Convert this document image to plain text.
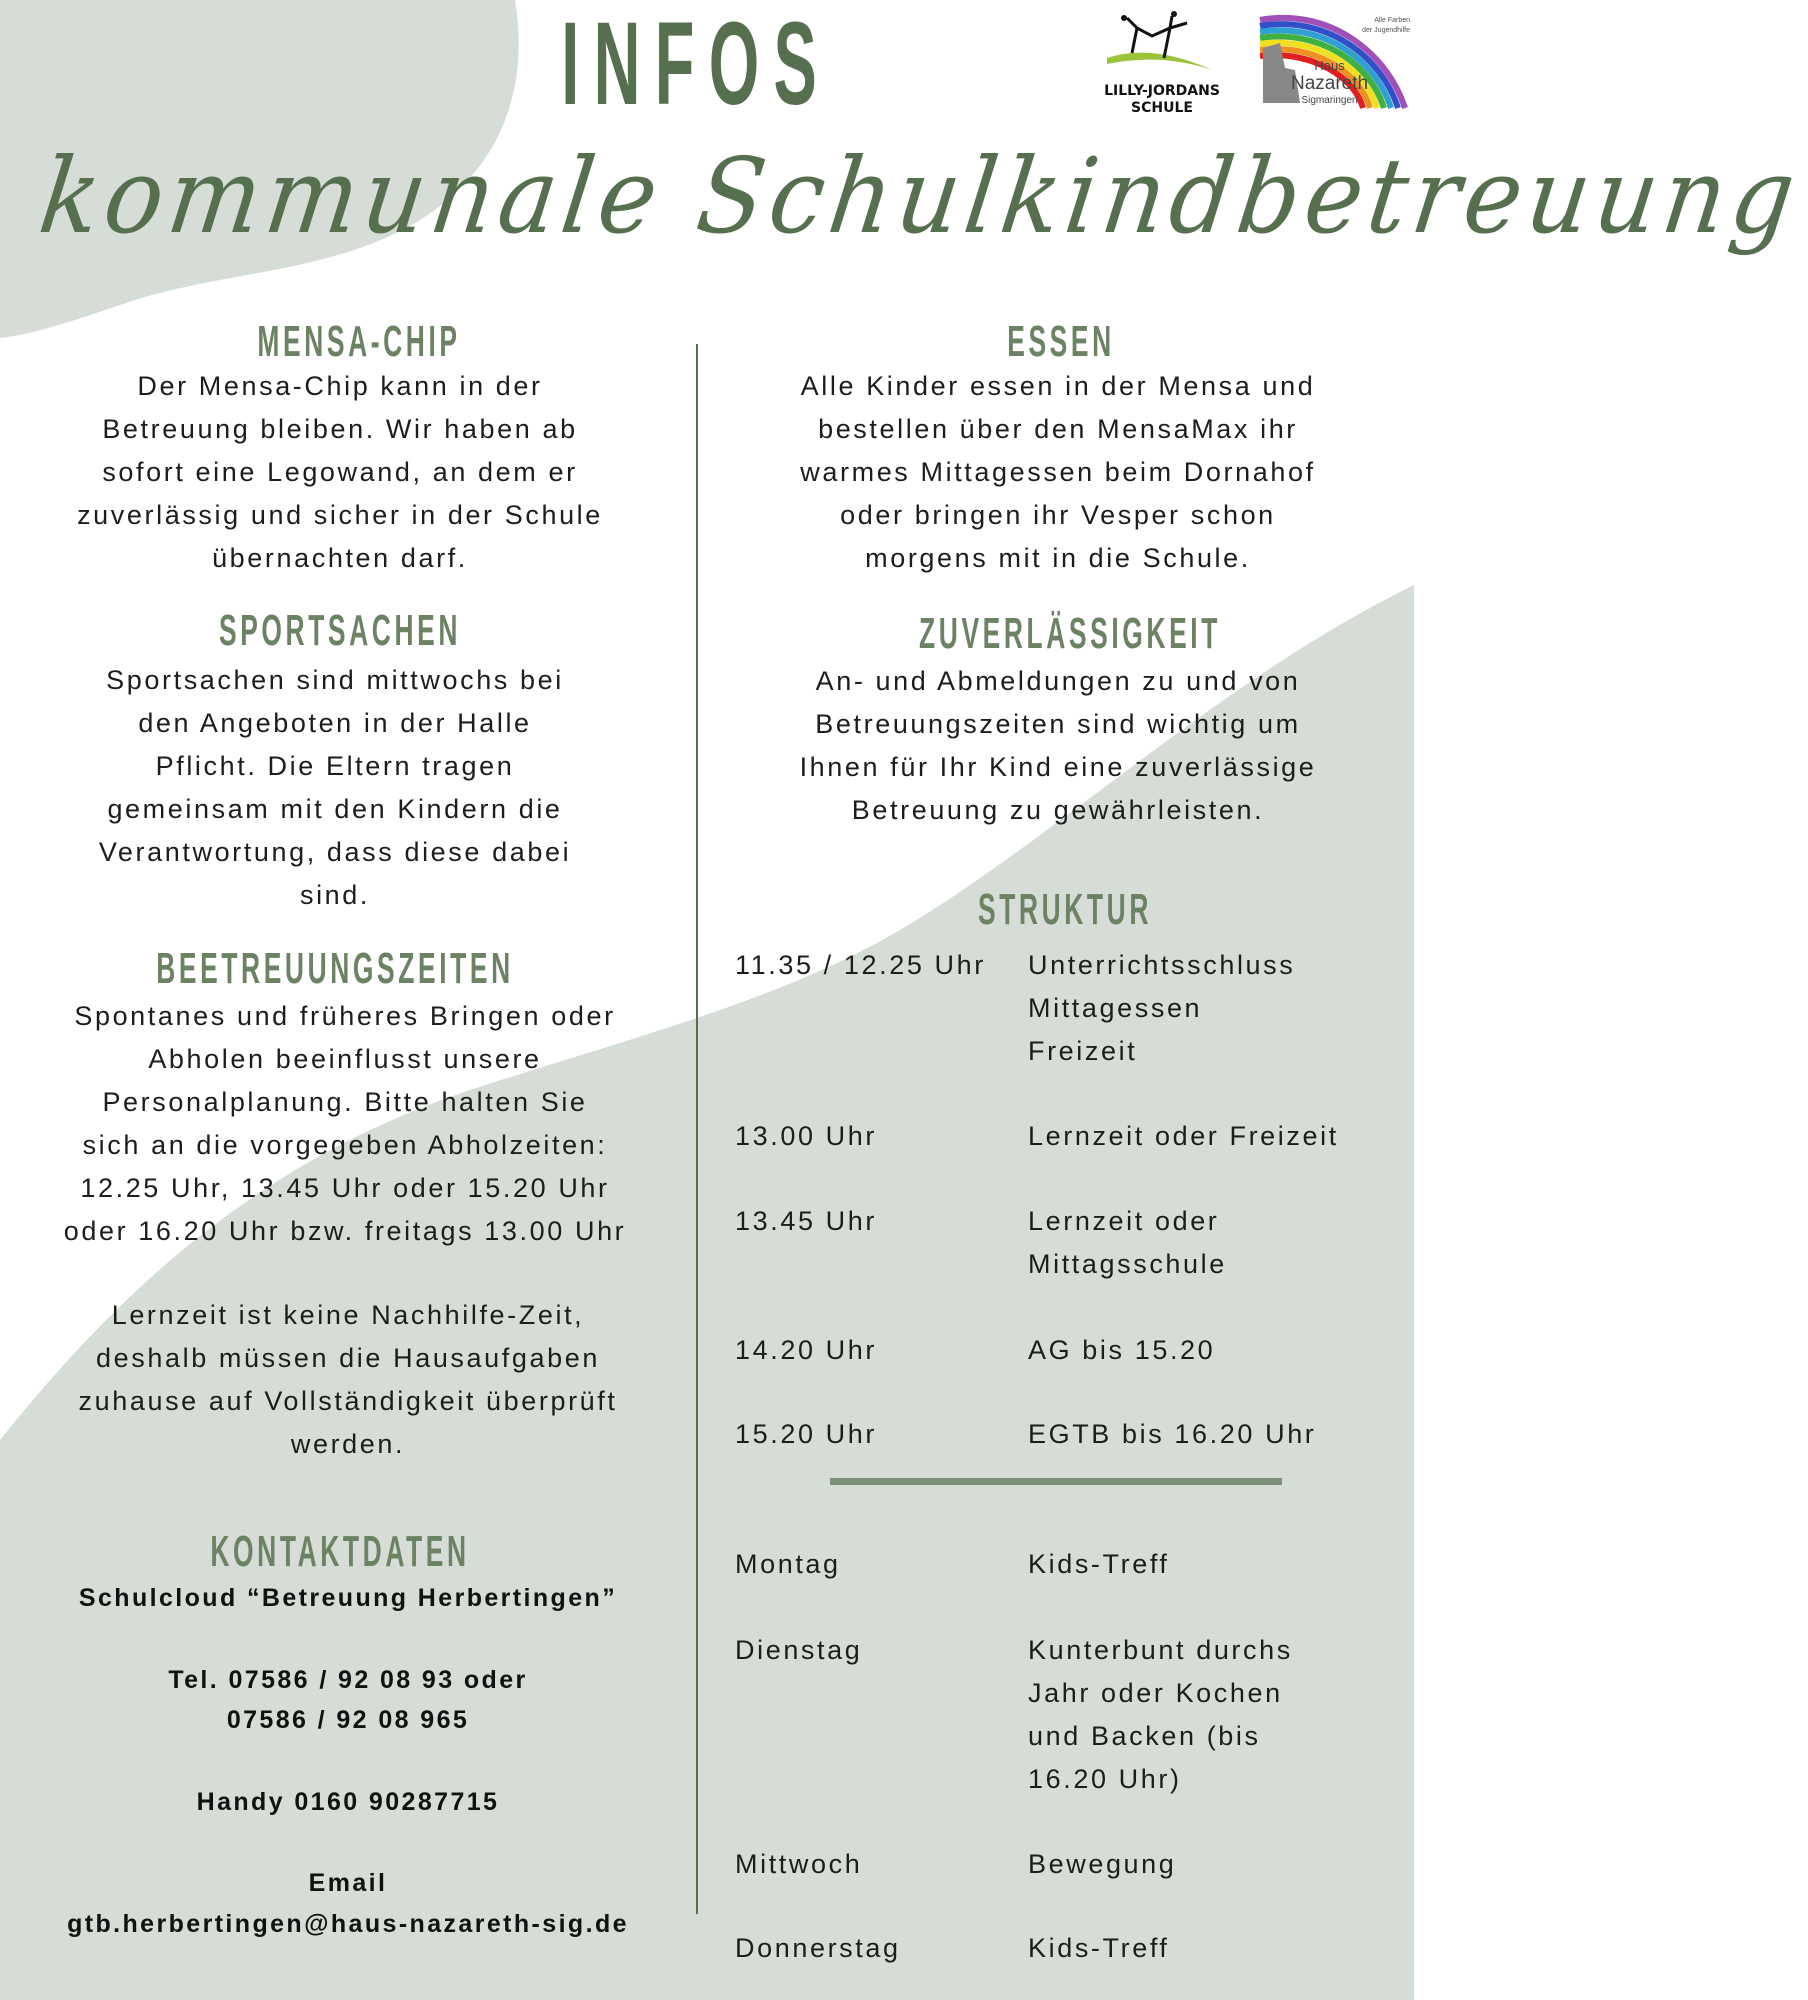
INFOS
kommunale Schulkindbetreuung
LILLY-JORDANS
SCHULE
Alle Farben
der Jugendhilfe
Haus
Nazareth
Sigmaringen
MENSA-CHIP
Der Mensa-Chip kann in der
Betreuung bleiben. Wir haben ab
sofort eine Legowand, an dem er
zuverlässig und sicher in der Schule
übernachten darf.
SPORTSACHEN
Sportsachen sind mittwochs bei
den Angeboten in der Halle
Pflicht. Die Eltern tragen
gemeinsam mit den Kindern die
Verantwortung, dass diese dabei
sind.
BEETREUUNGSZEITEN
Spontanes und früheres Bringen oder
Abholen beeinflusst unsere
Personalplanung. Bitte halten Sie
sich an die vorgegeben Abholzeiten:
12.25 Uhr, 13.45 Uhr oder 15.20 Uhr
oder 16.20 Uhr bzw. freitags 13.00 Uhr
Lernzeit ist keine Nachhilfe-Zeit,
deshalb müssen die Hausaufgaben
zuhause auf Vollständigkeit überprüft
werden.
KONTAKTDATEN
Schulcloud “Betreuung Herbertingen”
Tel. 07586 / 92 08 93 oder
07586 / 92 08 965
Handy 0160 90287715
Email
gtb.herbertingen@haus-nazareth-sig.de
ESSEN
Alle Kinder essen in der Mensa und
bestellen über den MensaMax ihr
warmes Mittagessen beim Dornahof
oder bringen ihr Vesper schon
morgens mit in die Schule.
ZUVERLÄSSIGKEIT
An- und Abmeldungen zu und von
Betreuungszeiten sind wichtig um
Ihnen für Ihr Kind eine zuverlässige
Betreuung zu gewährleisten.
STRUKTUR
11.35 / 12.25 Uhr	Unterrichtsschluss
Mittagessen
Freizeit
13.00 Uhr	Lernzeit oder Freizeit
13.45 Uhr	Lernzeit oder
Mittagsschule
14.20 Uhr	AG bis 15.20
15.20 Uhr	EGTB bis 16.20 Uhr
Montag	Kids-Treff
Dienstag	Kunterbunt durchs
Jahr oder Kochen
und Backen (bis
16.20 Uhr)
Mittwoch	Bewegung
Donnerstag	Kids-Treff
